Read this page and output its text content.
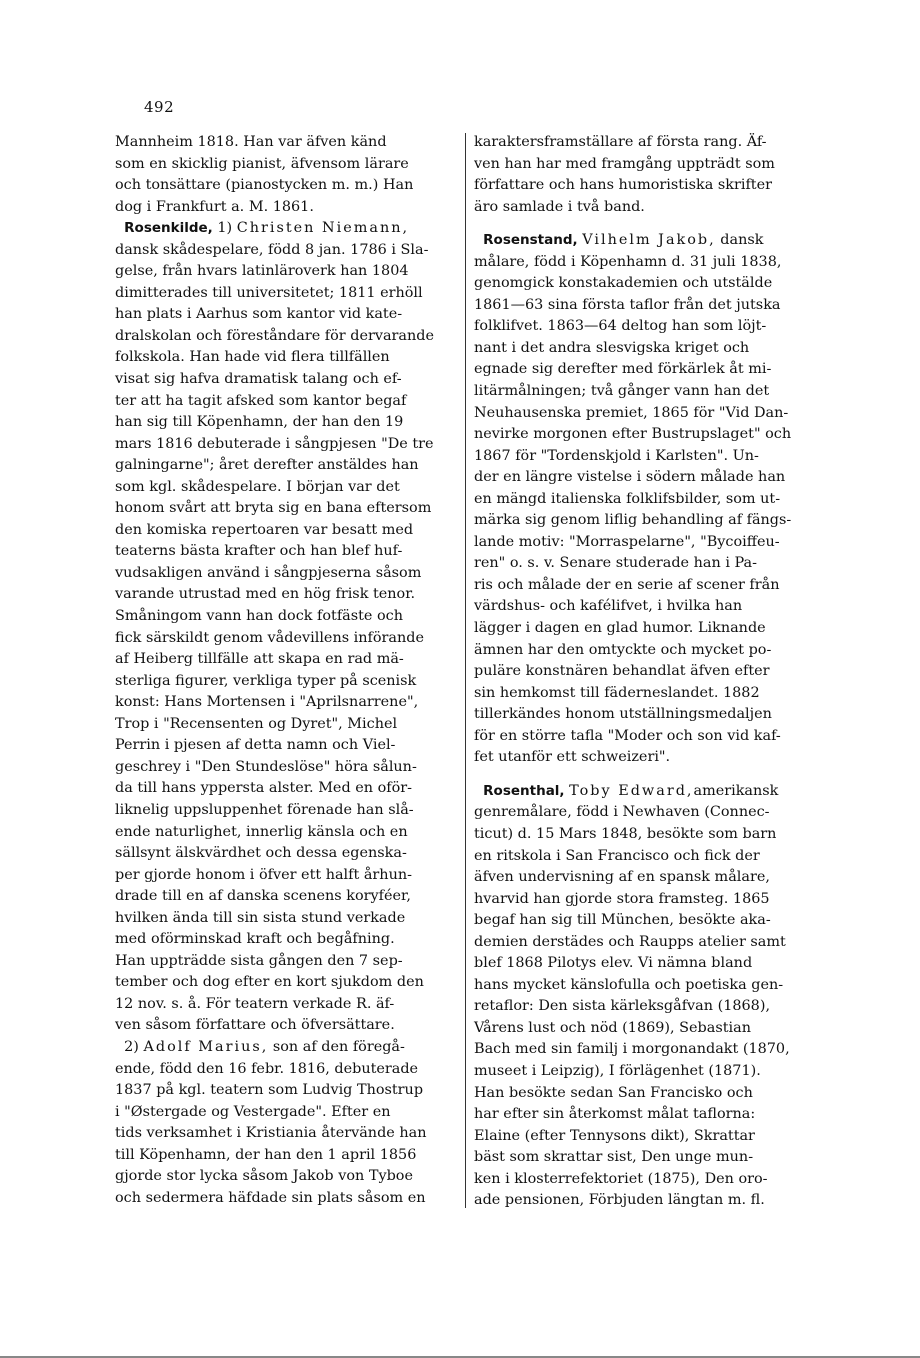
492
Mannheim 1818. Han var äfven känd
som en skicklig pianist, äfvensom lärare
och tonsättare (pianostycken m. m.) Han
dog i Frankfurt a. M. 1861.
Rosenkilde, 1) Christen Niemann,
dansk skådespelare, född 8 jan. 1786 i Sla-
gelse, från hvars latinläroverk han 1804
dimitterades till universitetet; 1811 erhöll
han plats i Aarhus som kantor vid kate-
dralskolan och föreståndare för dervarande
folkskola. Han hade vid flera tillfällen
visat sig hafva dramatisk talang och ef-
ter att ha tagit afsked som kantor begaf
han sig till Köpenhamn, der han den 19
mars 1816 debuterade i sångpjesen "De tre
galningarne"; året derefter anstäldes han
som kgl. skådespelare. I början var det
honom svårt att bryta sig en bana eftersom
den komiska repertoaren var besatt med
teaterns bästa krafter och han blef huf-
vudsakligen använd i sångpjeserna såsom
varande utrustad med en hög frisk tenor.
Småningom vann han dock fotfäste och
fick särskildt genom vådevillens införande
af Heiberg tillfälle att skapa en rad mä-
sterliga figurer, verkliga typer på scenisk
konst: Hans Mortensen i "Aprilsnarrene",
Trop i "Recensenten og Dyret", Michel
Perrin i pjesen af detta namn och Viel-
geschrey i "Den Stundeslöse" höra sålun-
da till hans yppersta alster. Med en oför-
liknelig uppsluppenhet förenade han slå-
ende naturlighet, innerlig känsla och en
sällsynt älskvärdhet och dessa egenska-
per gjorde honom i öfver ett halft århun-
drade till en af danska scenens koryféer,
hvilken ända till sin sista stund verkade
med oförminskad kraft och begåfning.
Han uppträdde sista gången den 7 sep-
tember och dog efter en kort sjukdom den
12 nov. s. å. För teatern verkade R. äf-
ven såsom författare och öfversättare.
2) Adolf Marius, son af den föregå-
ende, född den 16 febr. 1816, debuterade
1837 på kgl. teatern som Ludvig Thostrup
i "Østergade og Vestergade". Efter en
tids verksamhet i Kristiania återvände han
till Köpenhamn, der han den 1 april 1856
gjorde stor lycka såsom Jakob von Tyboe
och sedermera häfdade sin plats såsom en
karaktersframställare af första rang. Äf-
ven han har med framgång uppträdt som
författare och hans humoristiska skrifter
äro samlade i två band.
Rosenstand, Vilhelm Jakob, dansk
målare, född i Köpenhamn d. 31 juli 1838,
genomgick konstakademien och utstälde
1861—63 sina första taflor från det jutska
folklifvet. 1863—64 deltog han som löjt-
nant i det andra slesvigska kriget och
egnade sig derefter med förkärlek åt mi-
litärmålningen; två gånger vann han det
Neuhausenska premiet, 1865 för "Vid Dan-
nevirke morgonen efter Bustrupslaget" och
1867 för "Tordenskjold i Karlsten". Un-
der en längre vistelse i södern målade han
en mängd italienska folklifsbilder, som ut-
märka sig genom liflig behandling af fängs-
lande motiv: "Morraspelarne", "Bycoiffeu-
ren" o. s. v. Senare studerade han i Pa-
ris och målade der en serie af scener från
värdshus- och kafélifvet, i hvilka han
lägger i dagen en glad humor. Liknande
ämnen har den omtyckte och mycket po-
puläre konstnären behandlat äfven efter
sin hemkomst till fäderneslandet. 1882
tillerkändes honom utställningsmedaljen
för en större tafla "Moder och son vid kaf-
fet utanför ett schweizeri".
Rosenthal, Toby Edward,amerikansk
genremålare, född i Newhaven (Connec-
ticut) d. 15 Mars 1848, besökte som barn
en ritskola i San Francisco och fick der
äfven undervisning af en spansk målare,
hvarvid han gjorde stora framsteg. 1865
begaf han sig till München, besökte aka-
demien derstädes och Raupps atelier samt
blef 1868 Pilotys elev. Vi nämna bland
hans mycket känslofulla och poetiska gen-
retaflor: Den sista kärleksgåfvan (1868),
Vårens lust och nöd (1869), Sebastian
Bach med sin familj i morgonandakt (1870,
museet i Leipzig), I förlägenhet (1871).
Han besökte sedan San Francisko och
har efter sin återkomst målat taflorna:
Elaine (efter Tennysons dikt), Skrattar
bäst som skrattar sist, Den unge mun-
ken i klosterrefektoriet (1875), Den oro-
ade pensionen, Förbjuden längtan m. fl.
